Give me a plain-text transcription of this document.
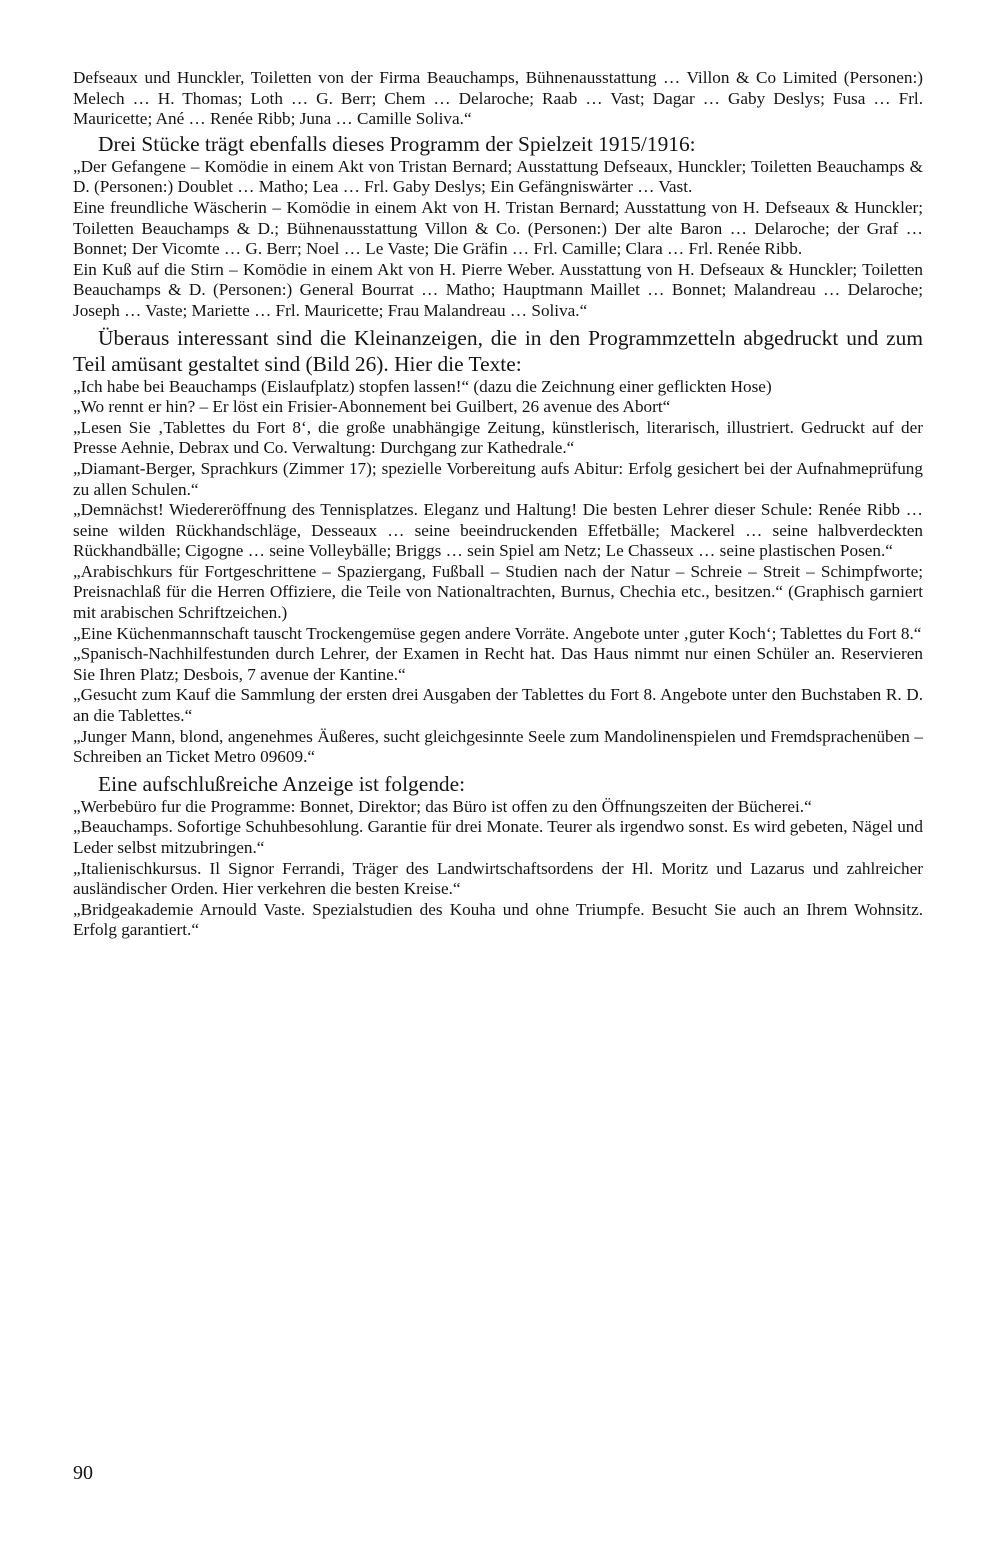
Defseaux und Hunckler, Toiletten von der Firma Beauchamps, Bühnenausstattung … Villon & Co Limited (Personen:) Melech … H. Thomas; Loth … G. Berr; Chem … Delaroche; Raab … Vast; Dagar … Gaby Deslys; Fusa … Frl. Mauricette; Ané … Renée Ribb; Juna … Camille Soliva.“

Drei Stücke trägt ebenfalls dieses Programm der Spielzeit 1915/1916:

„Der Gefangene – Komödie in einem Akt von Tristan Bernard; Ausstattung Defseaux, Hunckler; Toiletten Beauchamps & D. (Personen:) Doublet … Matho; Lea … Frl. Gaby Deslys; Ein Gefängniswärter … Vast.

Eine freundliche Wäscherin – Komödie in einem Akt von H. Tristan Bernard; Ausstattung von H. Defseaux & Hunckler; Toiletten Beauchamps & D.; Bühnenausstattung Villon & Co. (Personen:) Der alte Baron … Delaroche; der Graf … Bonnet; Der Vicomte … G. Berr; Noel … Le Vaste; Die Gräfin … Frl. Camille; Clara … Frl. Renée Ribb.

Ein Kuß auf die Stirn – Komödie in einem Akt von H. Pierre Weber. Ausstattung von H. Defseaux & Hunckler; Toiletten Beauchamps & D. (Personen:) General Bourrat … Matho; Hauptmann Maillet … Bonnet; Malandreau … Delaroche; Joseph … Vaste; Mariette … Frl. Mauricette; Frau Malandreau … Soliva.“

Überaus interessant sind die Kleinanzeigen, die in den Programmzetteln abgedruckt und zum Teil amüsant gestaltet sind (Bild 26). Hier die Texte:

„Ich habe bei Beauchamps (Eislaufplatz) stopfen lassen!“ (dazu die Zeichnung einer geflickten Hose)

„Wo rennt er hin? – Er löst ein Frisier-Abonnement bei Guilbert, 26 avenue des Abort“

„Lesen Sie ‚Tablettes du Fort 8‘, die große unabhängige Zeitung, künstlerisch, literarisch, illustriert. Gedruckt auf der Presse Aehnie, Debrax und Co. Verwaltung: Durchgang zur Kathedrale.“

„Diamant-Berger, Sprachkurs (Zimmer 17); spezielle Vorbereitung aufs Abitur: Erfolg gesichert bei der Aufnahmeprüfung zu allen Schulen.“

„Demnächst! Wiedereröffnung des Tennisplatzes. Eleganz und Haltung! Die besten Lehrer dieser Schule: Renée Ribb … seine wilden Rückhandschläge, Desseaux … seine beeindruckenden Effetbälle; Mackerel … seine halbverdeckten Rückhandbälle; Cigogne … seine Volleybälle; Briggs … sein Spiel am Netz; Le Chasseux … seine plastischen Posen.“

„Arabischkurs für Fortgeschrittene – Spaziergang, Fußball – Studien nach der Natur – Schreie – Streit – Schimpfworte; Preisnachlaß für die Herren Offiziere, die Teile von Nationaltrachten, Burnus, Chechia etc., besitzen.“ (Graphisch garniert mit arabischen Schriftzeichen.)

„Eine Küchenmannschaft tauscht Trockengemüse gegen andere Vorräte. Angebote unter ‚guter Koch‘; Tablettes du Fort 8.“

„Spanisch-Nachhilfestunden durch Lehrer, der Examen in Recht hat. Das Haus nimmt nur einen Schüler an. Reservieren Sie Ihren Platz; Desbois, 7 avenue der Kantine.“

„Gesucht zum Kauf die Sammlung der ersten drei Ausgaben der Tablettes du Fort 8. Angebote unter den Buchstaben R. D. an die Tablettes.“

„Junger Mann, blond, angenehmes Äußeres, sucht gleichgesinnte Seele zum Mandolinenspielen und Fremdsprachenüben – Schreiben an Ticket Metro 09609.“

Eine aufschlußreiche Anzeige ist folgende:

„Werbebüro fur die Programme: Bonnet, Direktor; das Büro ist offen zu den Öffnungszeiten der Bücherei.“

„Beauchamps. Sofortige Schuhbesohlung. Garantie für drei Monate. Teurer als irgendwo sonst. Es wird gebeten, Nägel und Leder selbst mitzubringen.“

„Italienischkursus. Il Signor Ferrandi, Träger des Landwirtschaftsordens der Hl. Moritz und Lazarus und zahlreicher ausländischer Orden. Hier verkehren die besten Kreise.“

„Bridgeakademie Arnould Vaste. Spezialstudien des Kouha und ohne Triumpfe. Besucht Sie auch an Ihrem Wohnsitz. Erfolg garantiert.“

90
